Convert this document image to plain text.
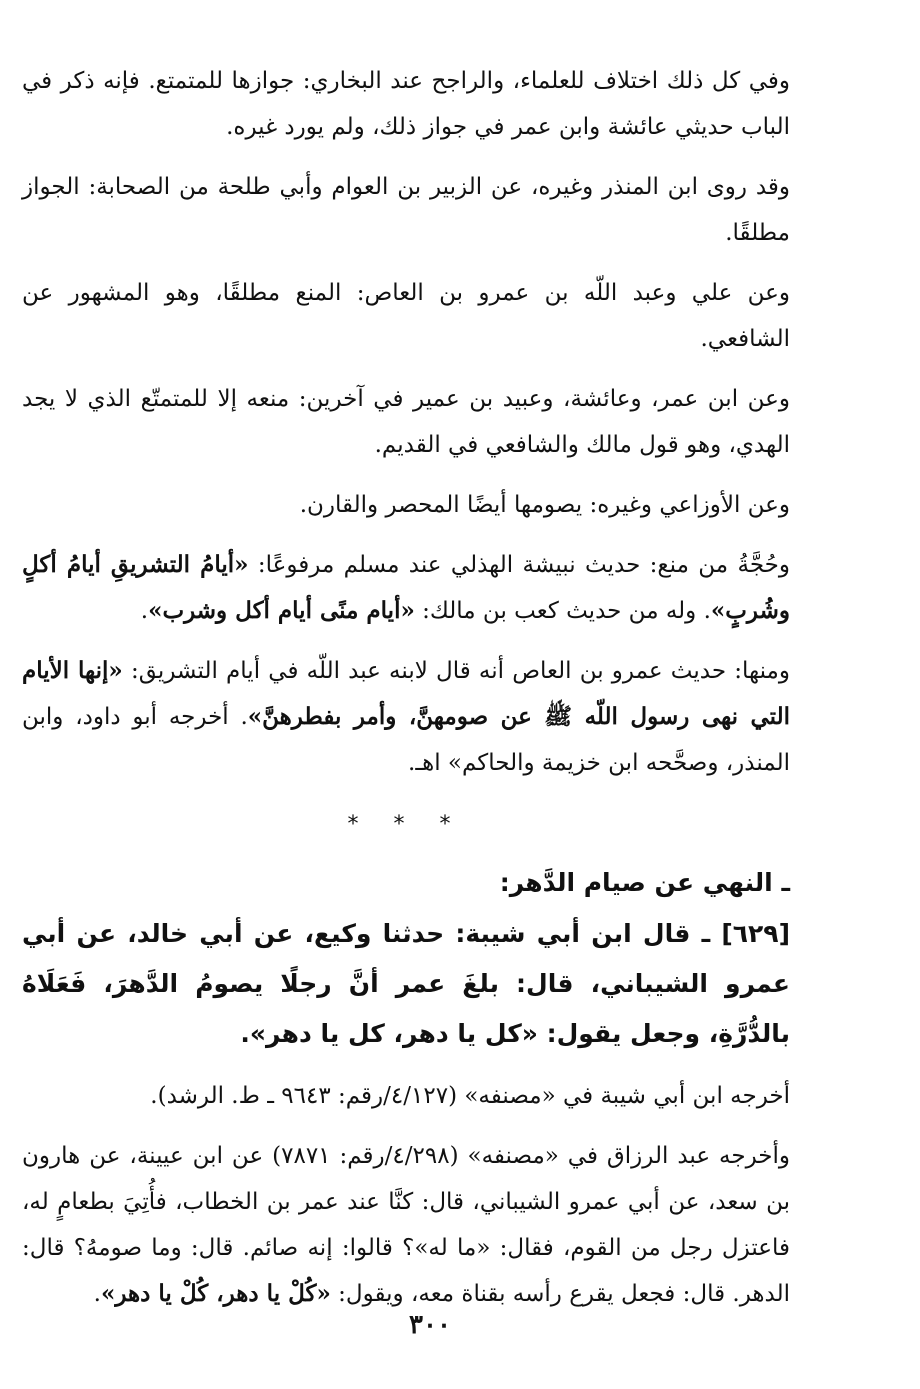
وفي كل ذلك اختلاف للعلماء، والراجح عند البخاري: جوازها للمتمتع. فإنه ذكر في الباب حديثي عائشة وابن عمر في جواز ذلك، ولم يورد غيره.

وقد روى ابن المنذر وغيره، عن الزبير بن العوام وأبي طلحة من الصحابة: الجواز مطلقًا.

وعن علي وعبد اللّه بن عمرو بن العاص: المنع مطلقًا، وهو المشهور عن الشافعي.

وعن ابن عمر، وعائشة، وعبيد بن عمير في آخرين: منعه إلا للمتمتّع الذي لا يجد الهدي، وهو قول مالك والشافعي في القديم.

وعن الأوزاعي وغيره: يصومها أيضًا المحصر والقارن.

وحُجَّةُ من منع: حديث نبيشة الهذلي عند مسلم مرفوعًا: «أيامُ التشريقِ أيامُ أكلٍ وشُربٍ». وله من حديث كعب بن مالك: «أيام منًى أيام أكل وشرب».

ومنها: حديث عمرو بن العاص أنه قال لابنه عبد اللّه في أيام التشريق: «إنها الأيام التي نهى رسول اللّه ﷺ عن صومهنَّ، وأمر بفطرهنَّ». أخرجه أبو داود، وابن المنذر، وصحَّحه ابن خزيمة والحاكم» اهـ.

* * *

ـ النهي عن صيام الدَّهر:

[٦٢٩] ـ قال ابن أبي شيبة: حدثنا وكيع، عن أبي خالد، عن أبي عمرو الشيباني، قال: بلغَ عمر أنَّ رجلًا يصومُ الدَّهرَ، فَعَلَاهُ بالدُّرَّةِ، وجعل يقول: «كل يا دهر، كل يا دهر».

أخرجه ابن أبي شيبة في «مصنفه» (٤/١٢٧/رقم: ٩٦٤٣ ـ ط. الرشد).

وأخرجه عبد الرزاق في «مصنفه» (٤/٢٩٨/رقم: ٧٨٧١) عن ابن عيينة، عن هارون بن سعد، عن أبي عمرو الشيباني، قال: كنَّا عند عمر بن الخطاب، فأُتِيَ بطعامٍ له، فاعتزل رجل من القوم، فقال: «ما له»؟ قالوا: إنه صائم. قال: وما صومهُ؟ قال: الدهر. قال: فجعل يقرع رأسه بقناة معه، ويقول: «كُلْ يا دهر، كُلْ يا دهر».

٣٠٠
